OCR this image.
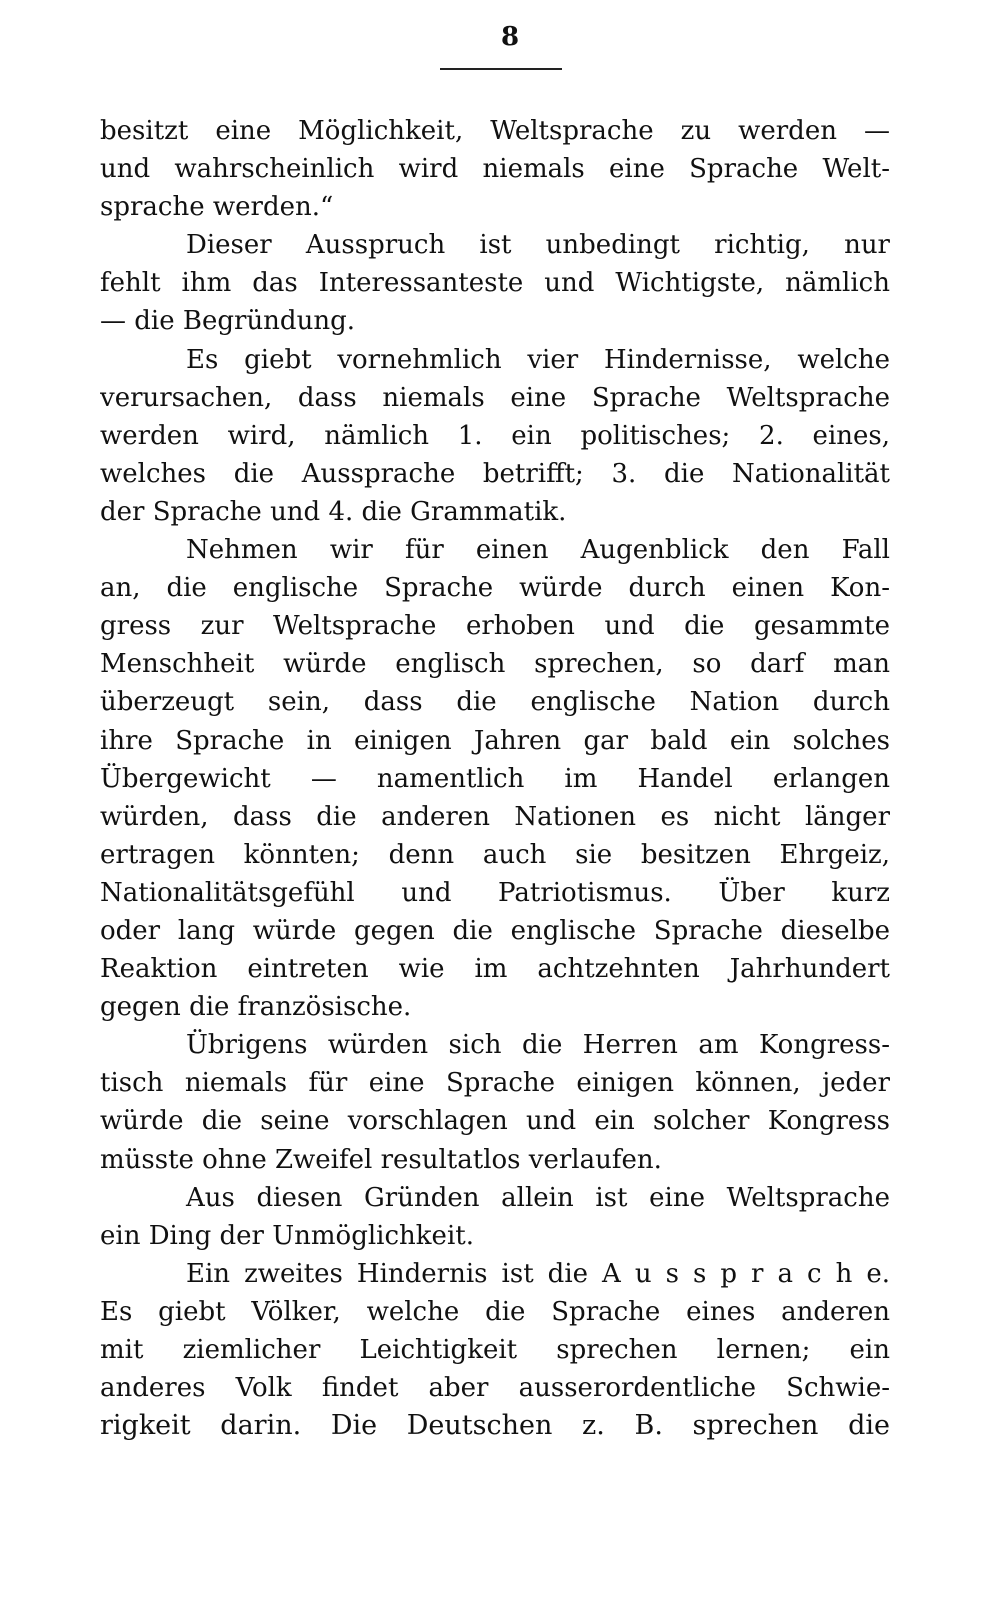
8
besitzt eine Möglichkeit, Weltsprache zu werden —
und wahrscheinlich wird niemals eine Sprache Welt-
sprache werden.“
Dieser Ausspruch ist unbedingt richtig, nur
fehlt ihm das Interessanteste und Wichtigste, nämlich
— die Begründung.
Es giebt vornehmlich vier Hindernisse, welche
verursachen, dass niemals eine Sprache Weltsprache
werden wird, nämlich 1. ein politisches; 2. eines,
welches die Aussprache betrifft; 3. die Nationalität
der Sprache und 4. die Grammatik.
Nehmen wir für einen Augenblick den Fall
an, die englische Sprache würde durch einen Kon-
gress zur Weltsprache erhoben und die gesammte
Menschheit würde englisch sprechen, so darf man
überzeugt sein, dass die englische Nation durch
ihre Sprache in einigen Jahren gar bald ein solches
Übergewicht — namentlich im Handel erlangen
würden, dass die anderen Nationen es nicht länger
ertragen könnten; denn auch sie besitzen Ehrgeiz,
Nationalitätsgefühl und Patriotismus. Über kurz
oder lang würde gegen die englische Sprache dieselbe
Reaktion eintreten wie im achtzehnten Jahrhundert
gegen die französische.
Übrigens würden sich die Herren am Kongress-
tisch niemals für eine Sprache einigen können, jeder
würde die seine vorschlagen und ein solcher Kongress
müsste ohne Zweifel resultatlos verlaufen.
Aus diesen Gründen allein ist eine Weltsprache
ein Ding der Unmöglichkeit.
Ein zweites Hindernis ist die A u s s p r a c h e.
Es giebt Völker, welche die Sprache eines anderen
mit ziemlicher Leichtigkeit sprechen lernen; ein
anderes Volk findet aber ausserordentliche Schwie-
rigkeit darin. Die Deutschen z. B. sprechen die
